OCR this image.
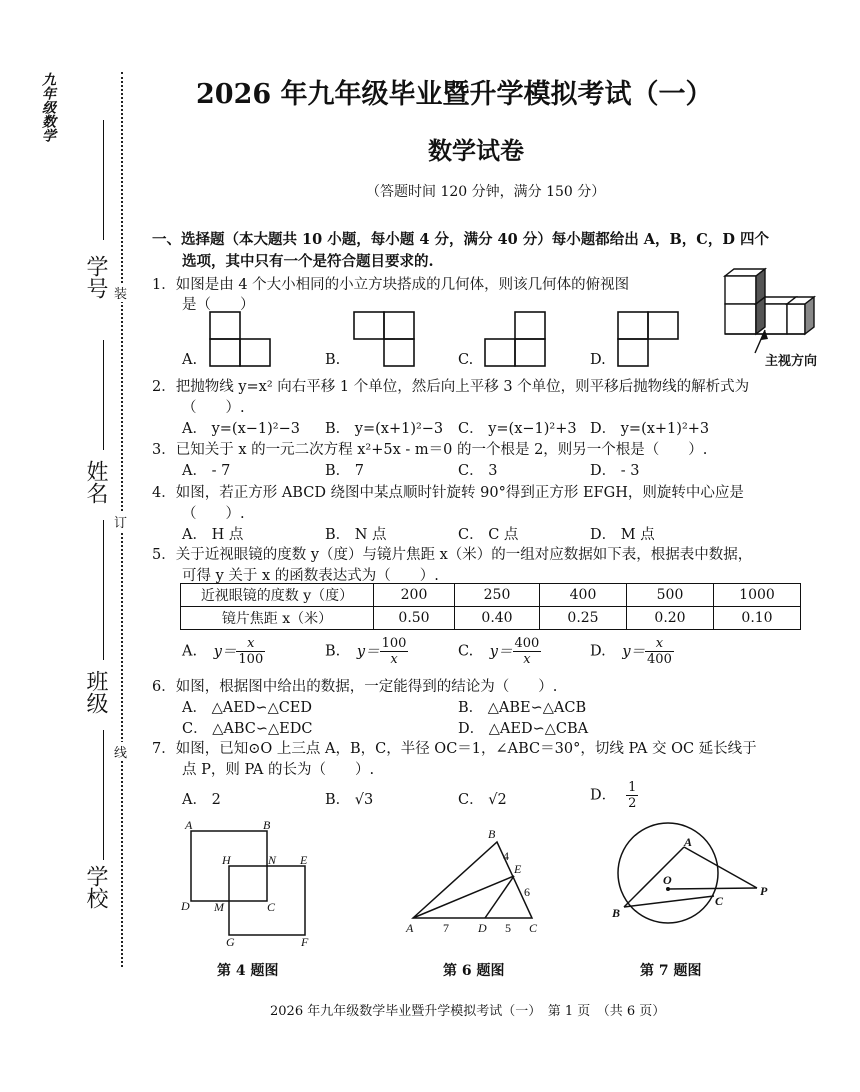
九年级数学
学号
姓名
班级
学校
装
订
线
2026 年九年级毕业暨升学模拟考试（一）
数学试卷
（答题时间 120 分钟，满分 150 分）
一、选择题（本大题共 10 小题，每小题 4 分，满分 40 分）每小题都给出 A，B，C，D 四个
选项，其中只有一个是符合题目要求的.
1．如图是由 4 个大小相同的小立方块搭成的几何体，则该几何体的俯视图
是（　　）
A.	B.	C.	D.	主视方向
2．把抛物线 y=x² 向右平移 1 个单位，然后向上平移 3 个单位，则平移后抛物线的解析式为
（　　）.
A． y=(x−1)²−3 B． y=(x+1)²−3 C． y=(x−1)²+3 D． y=(x+1)²+3
3．已知关于 x 的一元二次方程 x²+5x - m＝0 的一个根是 2，则另一个根是（　　）.
A． - 7	B． 7	C． 3	D． - 3
4．如图，若正方形 ABCD 绕图中某点顺时针旋转 90°得到正方形 EFGH，则旋转中心应是
（　　）.
A． H 点	B． N 点	C． C 点	D． M 点
5．关于近视眼镜的度数 y（度）与镜片焦距 x（米）的一组对应数据如下表，根据表中数据，
可得 y 关于 x 的函数表达式为（　　）.
近视眼镜的度数 y（度）	200	250	400	500	1000
镜片焦距 x（米）	0.50	0.40	0.25	0.20	0.10
A. $y= \frac{x}{100}$	B. $y= \frac{100}{x}$	C. $y= \frac{400}{x}$	D. $y= \frac{x}{400}$
6．如图，根据图中给出的数据，一定能得到的结论为（　　）.
A． △AED∽△CED	B． △ABE∽△ACB
C． △ABC∽△EDC	D． △AED∽△CBA
7．如图，已知⊙O 上三点 A，B，C，半径 OC＝1，∠ABC＝30°，切线 PA 交 OC 延长线于
点 P，则 PA 的长为（　　）.
A． 2	B． √3	C． √2	D． $\frac{1}{2}$
A	B
H	N E
D M	C
G	F
B
4
E
6
A 7 D 5 C
A
O
B
C
P
第 4 题图	第 6 题图	第 7 题图
2026 年九年级数学毕业暨升学模拟考试（一）　第 1 页　（共 6 页）
